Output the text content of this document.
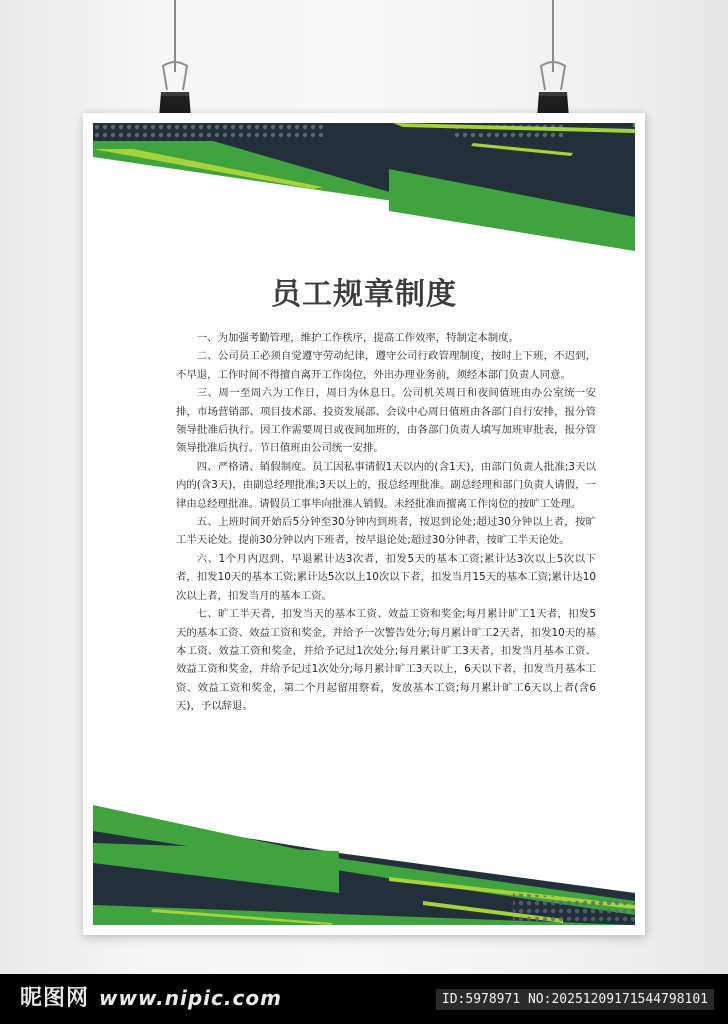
员工规章制度

一、为加强考勤管理，维护工作秩序，提高工作效率，特制定本制度。

二、公司员工必须自觉遵守劳动纪律，遵守公司行政管理制度，按时上下班，不迟到，不早退，工作时间不得擅自离开工作岗位，外出办理业务前，须经本部门负责人同意。

三、周一至周六为工作日，周日为休息日。公司机关周日和夜间值班由办公室统一安排，市场营销部、项目技术部、投资发展部、会议中心周日值班由各部门自行安排，报分管领导批准后执行。因工作需要周日或夜间加班的，由各部门负责人填写加班审批表，报分管领导批准后执行。节日值班由公司统一安排。

四、严格请、销假制度。员工因私事请假1天以内的(含1天)，由部门负责人批准;3天以内的(含3天)，由副总经理批准;3天以上的，报总经理批准。副总经理和部门负责人请假，一律由总经理批准。请假员工事毕向批准人销假。未经批准而擅离工作岗位的按旷工处理。

五、上班时间开始后5分钟至30分钟内到班者，按迟到论处;超过30分钟以上者，按旷工半天论处。提前30分钟以内下班者，按早退论处;超过30分钟者，按旷工半天论处。

六、1个月内迟到、早退累计达3次者，扣发5天的基本工资;累计达3次以上5次以下者，扣发10天的基本工资;累计达5次以上10次以下者，扣发当月15天的基本工资;累计达10次以上者，扣发当月的基本工资。

七、旷工半天者，扣发当天的基本工资、效益工资和奖金;每月累计旷工1天者，扣发5天的基本工资、效益工资和奖金，并给予一次警告处分;每月累计旷工2天者，扣发10天的基本工资、效益工资和奖金，并给予记过1次处分;每月累计旷工3天者，扣发当月基本工资、效益工资和奖金，并给予记过1次处分;每月累计旷工3天以上，6天以下者，扣发当月基本工资、效益工资和奖金，第二个月起留用察看，发放基本工资;每月累计旷工6天以上者(含6天)，予以辞退。

昵图网 www.nipic.com	ID:5978971 NO:20251209171544798101
